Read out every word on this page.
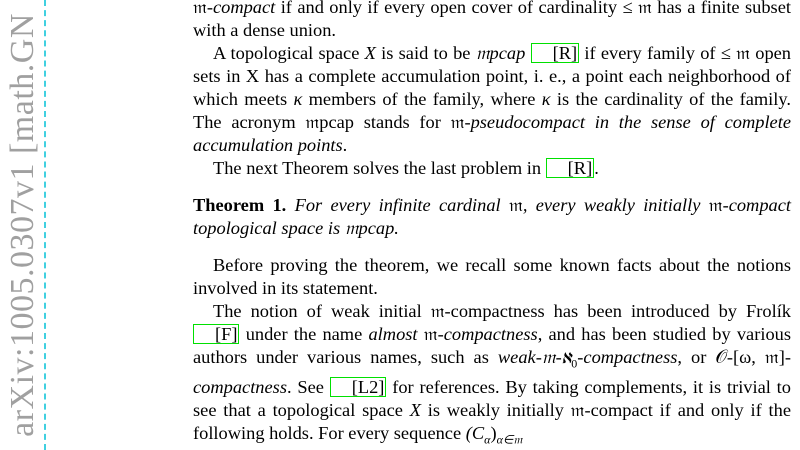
arXiv:1005.0307v1 [math.GN

𝔪-compact if and only if every open cover of cardinality ≤ 𝔪 has a finite subset with a dense union.

A topological space X is said to be 𝔪pcap [R] if every family of ≤ 𝔪 open sets in X has a complete accumulation point, i. e., a point each neighborhood of which meets κ members of the family, where κ is the cardinality of the family. The acronym 𝔪pcap stands for 𝔪-pseudocompact in the sense of complete accumulation points.

The next Theorem solves the last problem in [R] .

Theorem 1. For every infinite cardinal 𝔪, every weakly initially 𝔪-compact topological space is 𝔪pcap.

Before proving the theorem, we recall some known facts about the notions involved in its statement.

The notion of weak initial 𝔪-compactness has been introduced by Frolík [F] under the name almost 𝔪-compactness, and has been studied by various authors under various names, such as weak-𝔪-ℵ$_0$-compactness, or 𝒪-[ω, 𝔪]-compactness. See [L2] for references. By taking complements, it is trivial to see that a topological space X is weakly initially 𝔪-compact if and only if the following holds. For every sequence $(C_\alpha)_{\alpha\in 𝔪}$
